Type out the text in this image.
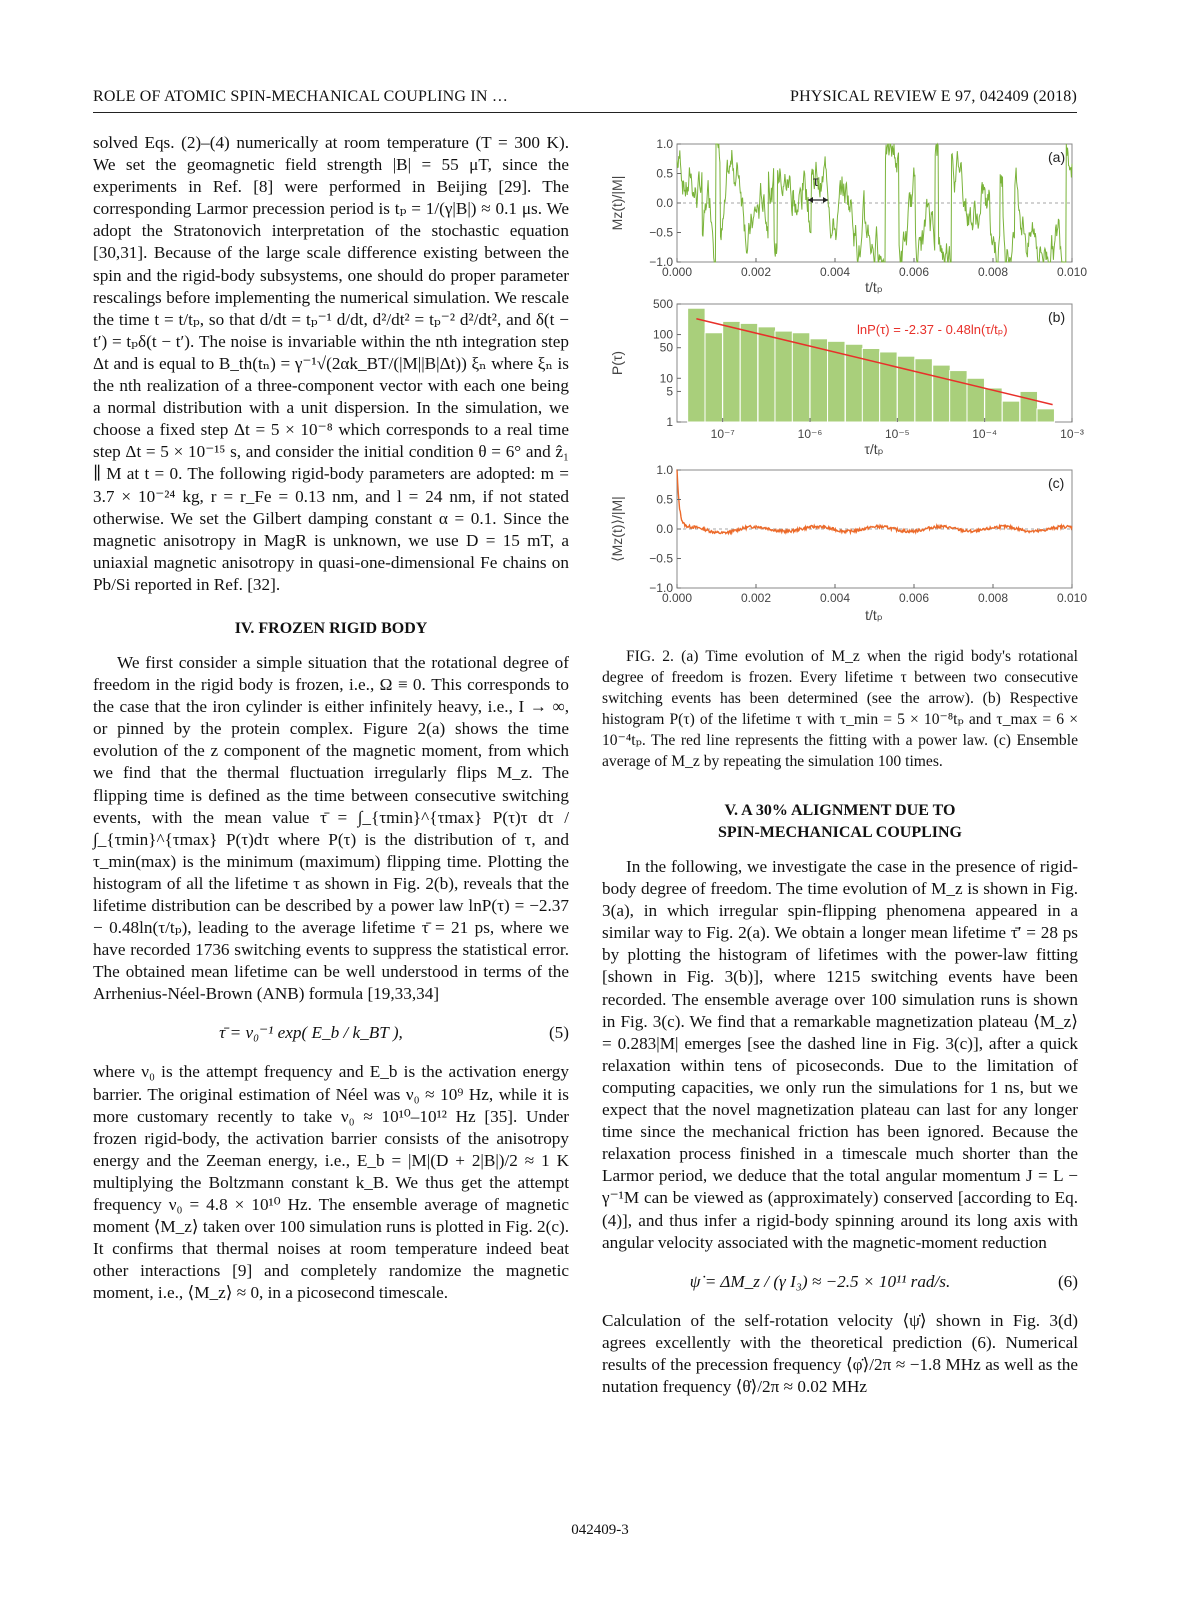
ROLE OF ATOMIC SPIN-MECHANICAL COUPLING IN …	PHYSICAL REVIEW E 97, 042409 (2018)

solved Eqs. (2)–(4) numerically at room temperature (T = 300 K). We set the geomagnetic field strength |B| = 55 μT, since the experiments in Ref. [8] were performed in Beijing [29]. The corresponding Larmor precession period is tₚ = 1/(γ|B|) ≈ 0.1 μs. We adopt the Stratonovich interpretation of the stochastic equation [30,31]. Because of the large scale difference existing between the spin and the rigid-body subsystems, one should do proper parameter rescalings before implementing the numerical simulation. We rescale the time t = t/tₚ, so that d/dt = tₚ⁻¹ d/dt, d²/dt² = tₚ⁻² d²/dt², and δ(t − t′) = tₚδ(t − t′). The noise is invariable within the nth integration step Δt and is equal to B_th(tₙ) = γ⁻¹√(2αk_BT/(|M||B|Δt)) ξₙ where ξₙ is the nth realization of a three-component vector with each one being a normal distribution with a unit dispersion. In the simulation, we choose a fixed step Δt = 5 × 10⁻⁸ which corresponds to a real time step Δt = 5 × 10⁻¹⁵ s, and consider the initial condition θ = 6° and ẑ₁ ∥ M at t = 0. The following rigid-body parameters are adopted: m = 3.7 × 10⁻²⁴ kg, r = r_Fe = 0.13 nm, and l = 24 nm, if not stated otherwise. We set the Gilbert damping constant α = 0.1. Since the magnetic anisotropy in MagR is unknown, we use D = 15 mT, a uniaxial magnetic anisotropy in quasi-one-dimensional Fe chains on Pb/Si reported in Ref. [32].

IV. FROZEN RIGID BODY

We first consider a simple situation that the rotational degree of freedom in the rigid body is frozen, i.e., Ω ≡ 0. This corresponds to the case that the iron cylinder is either infinitely heavy, i.e., I → ∞, or pinned by the protein complex. Figure 2(a) shows the time evolution of the z component of the magnetic moment, from which we find that the thermal fluctuation irregularly flips M_z. The flipping time is defined as the time between consecutive switching events, with the mean value τ̄ = ∫_{τmin}^{τmax} P(τ)τ dτ / ∫_{τmin}^{τmax} P(τ)dτ where P(τ) is the distribution of τ, and τ_min(max) is the minimum (maximum) flipping time. Plotting the histogram of all the lifetime τ as shown in Fig. 2(b), reveals that the lifetime distribution can be described by a power law lnP(τ) = −2.37 − 0.48ln(τ/tₚ), leading to the average lifetime τ̄ = 21 ps, where we have recorded 1736 switching events to suppress the statistical error. The obtained mean lifetime can be well understood in terms of the Arrhenius-Néel-Brown (ANB) formula [19,33,34]

τ̄ = ν₀⁻¹ exp( E_b / k_BT ),	(5)

where ν₀ is the attempt frequency and E_b is the activation energy barrier. The original estimation of Néel was ν₀ ≈ 10⁹ Hz, while it is more customary recently to take ν₀ ≈ 10¹⁰–10¹² Hz [35]. Under frozen rigid-body, the activation barrier consists of the anisotropy energy and the Zeeman energy, i.e., E_b = |M|(D + 2|B|)/2 ≈ 1 K multiplying the Boltzmann constant k_B. We thus get the attempt frequency ν₀ = 4.8 × 10¹⁰ Hz. The ensemble average of magnetic moment ⟨M_z⟩ taken over 100 simulation runs is plotted in Fig. 2(c). It confirms that thermal noises at room temperature indeed beat other interactions [9] and completely randomize the magnetic moment, i.e., ⟨M_z⟩ ≈ 0, in a picosecond timescale.

0.000	0.002	0.004	0.006	0.008	0.010
1.0
0.5
0.0
−0.5
−1.0
Mz(t)/|M|
t/tₚ
(a)
τ
10⁻⁷	10⁻⁶	10⁻⁵	10⁻⁴	10⁻³
500
100
50
10
5
1
P(τ)
τ/tₚ
(b)
lnP(τ) = -2.37 - 0.48ln(τ/tₚ)
0.000	0.002	0.004	0.006	0.008	0.010
1.0
0.5
0.0
−0.5
−1.0
⟨Mz(t)⟩/|M|
t/tₚ
(c)

FIG. 2. (a) Time evolution of M_z when the rigid body's rotational degree of freedom is frozen. Every lifetime τ between two consecutive switching events has been determined (see the arrow). (b) Respective histogram P(τ) of the lifetime τ with τ_min = 5 × 10⁻⁸tₚ and τ_max = 6 × 10⁻⁴tₚ. The red line represents the fitting with a power law. (c) Ensemble average of M_z by repeating the simulation 100 times.

V. A 30% ALIGNMENT DUE TO

SPIN-MECHANICAL COUPLING

In the following, we investigate the case in the presence of rigid-body degree of freedom. The time evolution of M_z is shown in Fig. 3(a), in which irregular spin-flipping phenomena appeared in a similar way to Fig. 2(a). We obtain a longer mean lifetime τ̄′ = 28 ps by plotting the histogram of lifetimes with the power-law fitting [shown in Fig. 3(b)], where 1215 switching events have been recorded. The ensemble average over 100 simulation runs is shown in Fig. 3(c). We find that a remarkable magnetization plateau ⟨M_z⟩ = 0.283|M| emerges [see the dashed line in Fig. 3(c)], after a quick relaxation within tens of picoseconds. Due to the limitation of computing capacities, we only run the simulations for 1 ns, but we expect that the novel magnetization plateau can last for any longer time since the mechanical friction has been ignored. Because the relaxation process finished in a timescale much shorter than the Larmor period, we deduce that the total angular momentum J = L − γ⁻¹M can be viewed as (approximately) conserved [according to Eq. (4)], and thus infer a rigid-body spinning around its long axis with angular velocity associated with the magnetic-moment reduction

ψ̇ = ΔM_z / (γ I₃) ≈ −2.5 × 10¹¹ rad/s.	(6)

Calculation of the self-rotation velocity ⟨ψ̇⟩ shown in Fig. 3(d) agrees excellently with the theoretical prediction (6). Numerical results of the precession frequency ⟨φ̇⟩/2π ≈ −1.8 MHz as well as the nutation frequency ⟨θ̇⟩/2π ≈ 0.02 MHz

042409-3
